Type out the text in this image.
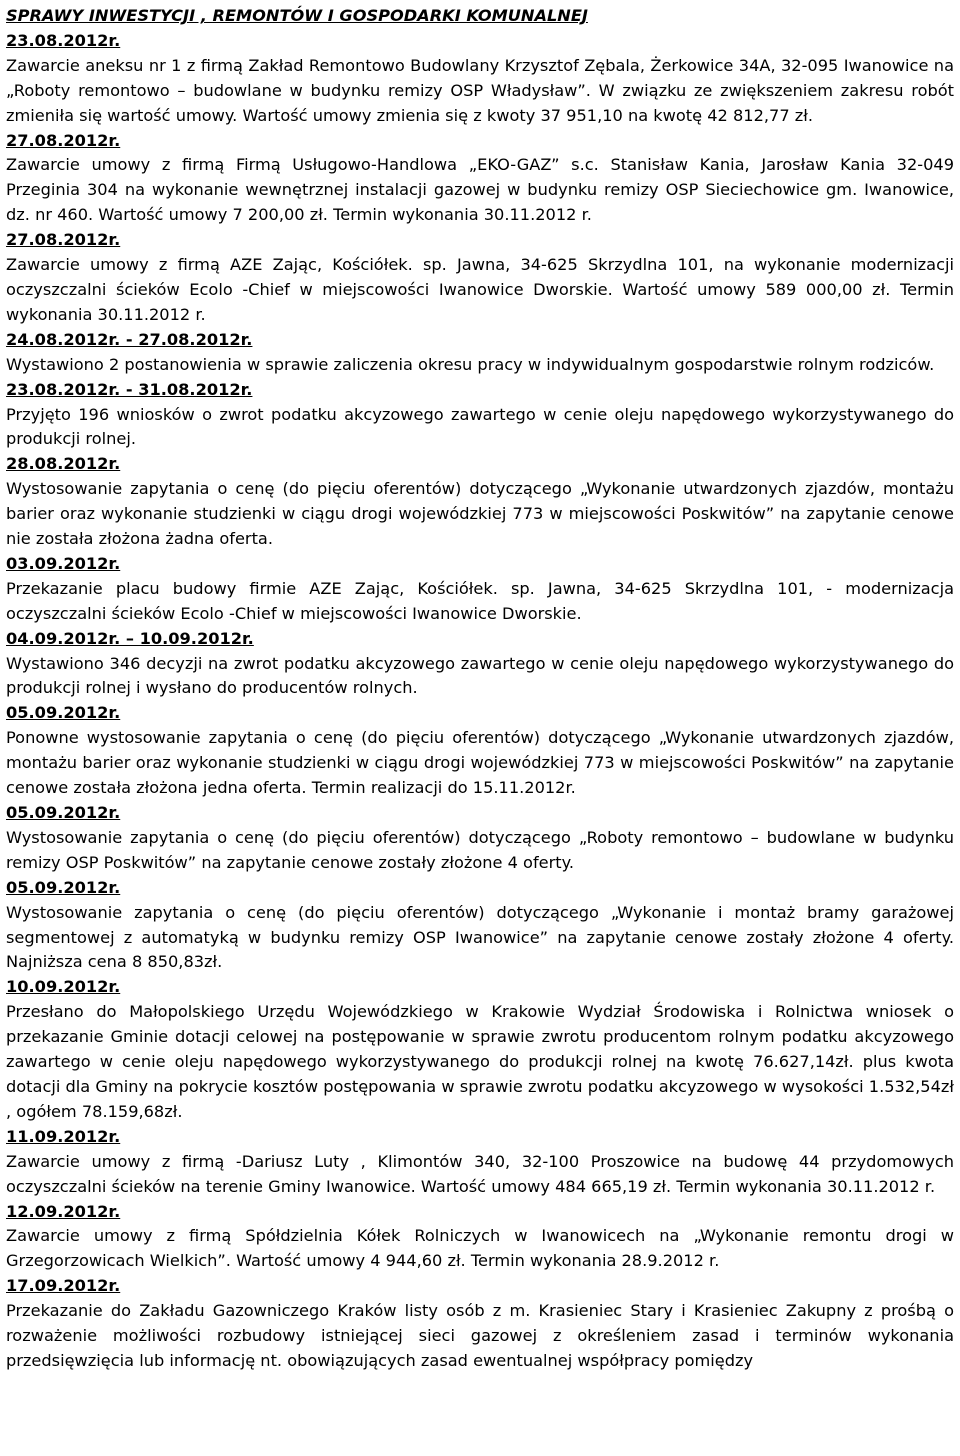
SPRAWY INWESTYCJI , REMONTÓW I GOSPODARKI KOMUNALNEJ

23.08.2012r.

Zawarcie aneksu nr 1 z firmą Zakład Remontowo Budowlany Krzysztof Zębala, Żerkowice 34A, 32-095 Iwanowice na „Roboty remontowo – budowlane w budynku remizy OSP Władysław”. W związku ze zwiększeniem zakresu robót zmieniła się wartość umowy. Wartość umowy zmienia się z kwoty 37 951,10 na kwotę 42 812,77 zł.

27.08.2012r.

Zawarcie umowy z firmą Firmą Usługowo-Handlowa „EKO-GAZ” s.c. Stanisław Kania, Jarosław Kania 32-049 Przeginia 304 na wykonanie wewnętrznej instalacji gazowej w budynku remizy OSP Sieciechowice gm. Iwanowice, dz. nr 460. Wartość umowy 7 200,00 zł. Termin wykonania 30.11.2012 r.

27.08.2012r.

Zawarcie umowy z firmą AZE Zając, Kościółek. sp. Jawna, 34-625 Skrzydlna 101, na wykonanie modernizacji oczyszczalni ścieków Ecolo -Chief w miejscowości Iwanowice Dworskie. Wartość umowy 589 000,00 zł. Termin wykonania 30.11.2012 r.

24.08.2012r. - 27.08.2012r.

Wystawiono 2 postanowienia w sprawie zaliczenia okresu pracy w indywidualnym gospodarstwie rolnym rodziców.

23.08.2012r. - 31.08.2012r.

Przyjęto 196 wniosków o zwrot podatku akcyzowego zawartego w cenie oleju napędowego wykorzystywanego do produkcji rolnej.

28.08.2012r.

Wystosowanie zapytania o cenę (do pięciu oferentów) dotyczącego „Wykonanie utwardzonych zjazdów, montażu barier oraz wykonanie studzienki w ciągu drogi wojewódzkiej 773 w miejscowości Poskwitów” na zapytanie cenowe nie została złożona żadna oferta.

03.09.2012r.

Przekazanie placu budowy firmie AZE Zając, Kościółek. sp. Jawna, 34-625 Skrzydlna 101, - modernizacja oczyszczalni ścieków Ecolo -Chief w miejscowości Iwanowice Dworskie.

04.09.2012r. – 10.09.2012r.

Wystawiono 346 decyzji na zwrot podatku akcyzowego zawartego w cenie oleju napędowego wykorzystywanego do produkcji rolnej i wysłano do producentów rolnych.

05.09.2012r.

Ponowne wystosowanie zapytania o cenę (do pięciu oferentów) dotyczącego „Wykonanie utwardzonych zjazdów, montażu barier oraz wykonanie studzienki w ciągu drogi wojewódzkiej 773 w miejscowości Poskwitów” na zapytanie cenowe została złożona jedna oferta. Termin realizacji do 15.11.2012r.

05.09.2012r.

Wystosowanie zapytania o cenę (do pięciu oferentów) dotyczącego „Roboty remontowo – budowlane w budynku remizy OSP Poskwitów” na zapytanie cenowe zostały złożone 4 oferty.

05.09.2012r.

Wystosowanie zapytania o cenę (do pięciu oferentów) dotyczącego „Wykonanie i montaż bramy garażowej segmentowej z automatyką w budynku remizy OSP Iwanowice” na zapytanie cenowe zostały złożone 4 oferty. Najniższa cena 8 850,83zł.

10.09.2012r.

Przesłano do Małopolskiego Urzędu Wojewódzkiego w Krakowie Wydział Środowiska i Rolnictwa wniosek o przekazanie Gminie dotacji celowej na postępowanie w sprawie zwrotu producentom rolnym podatku akcyzowego zawartego w cenie oleju napędowego wykorzystywanego do produkcji rolnej na kwotę 76.627,14zł. plus kwota dotacji dla Gminy na pokrycie kosztów postępowania w sprawie zwrotu podatku akcyzowego w wysokości 1.532,54zł , ogółem 78.159,68zł.

11.09.2012r.

Zawarcie umowy z firmą -Dariusz Luty , Klimontów 340, 32-100 Proszowice na budowę 44 przydomowych oczyszczalni ścieków na terenie Gminy Iwanowice. Wartość umowy 484 665,19 zł. Termin wykonania 30.11.2012 r.

12.09.2012r.

Zawarcie umowy z firmą Spółdzielnia Kółek Rolniczych w Iwanowicech na „Wykonanie remontu drogi w Grzegorzowicach Wielkich”. Wartość umowy 4 944,60 zł. Termin wykonania 28.9.2012 r.

17.09.2012r.

Przekazanie do Zakładu Gazowniczego Kraków listy osób z m. Krasieniec Stary i Krasieniec Zakupny z prośbą o rozważenie możliwości rozbudowy istniejącej sieci gazowej z określeniem zasad i terminów wykonania przedsięwzięcia lub informację nt. obowiązujących zasad ewentualnej współpracy pomiędzy
